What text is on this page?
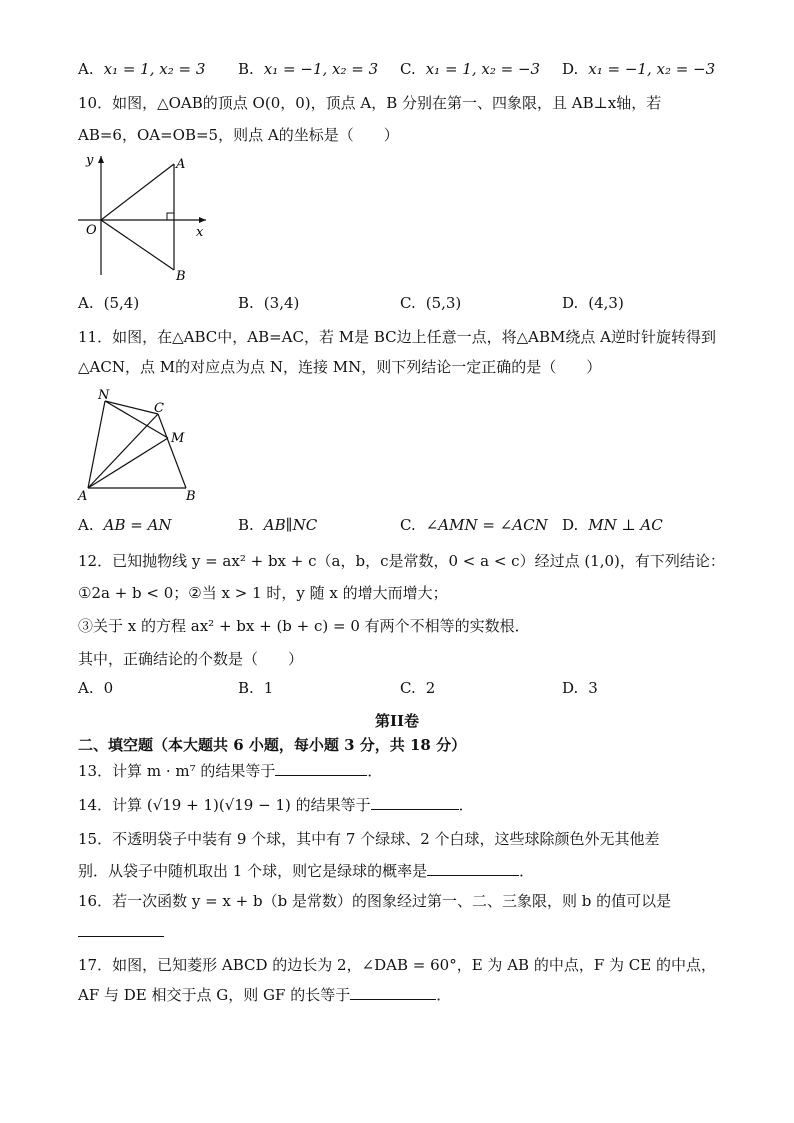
A. x₁ = 1, x₂ = 3 B. x₁ = −1, x₂ = 3 C. x₁ = 1, x₂ = −3 D. x₁ = −1, x₂ = −3
10．如图，△OAB的顶点 O(0，0)，顶点 A，B 分别在第一、四象限，且 AB⊥x轴，若
AB=6，OA=OB=5，则点 A的坐标是（　　）
y
x
O
A
B
A. (5,4)	B. (3,4)	C. (5,3)	D. (4,3)
11．如图，在△ABC中，AB=AC，若 M是 BC边上任意一点，将△ABM绕点 A逆时针旋转得到
△ACN，点 M的对应点为点 N，连接 MN，则下列结论一定正确的是（　　）
N
C
M
A	B
A. AB = AN	B. AB∥NC	C. ∠AMN = ∠ACN D. MN ⊥ AC
12．已知抛物线 y = ax² + bx + c（a，b，c是常数，0 < a < c）经过点 (1,0)，有下列结论：
①2a + b < 0；②当 x > 1 时，y 随 x 的增大而增大；
③关于 x 的方程 ax² + bx + (b + c) = 0 有两个不相等的实数根．
其中，正确结论的个数是（　　）
A. 0	B. 1	C. 2	D. 3
第II卷
二、填空题（本大题共 6 小题，每小题 3 分，共 18 分）
13．计算 m · m⁷ 的结果等于	．
14．计算 (√19 + 1)(√19 − 1) 的结果等于	．
15．不透明袋子中装有 9 个球，其中有 7 个绿球、2 个白球，这些球除颜色外无其他差
别．从袋子中随机取出 1 个球，则它是绿球的概率是	．
16．若一次函数 y = x + b（b 是常数）的图象经过第一、二、三象限，则 b 的值可以是
17．如图，已知菱形 ABCD 的边长为 2，∠DAB = 60°，E 为 AB 的中点，F 为 CE 的中点，
AF 与 DE 相交于点 G，则 GF 的长等于	．
